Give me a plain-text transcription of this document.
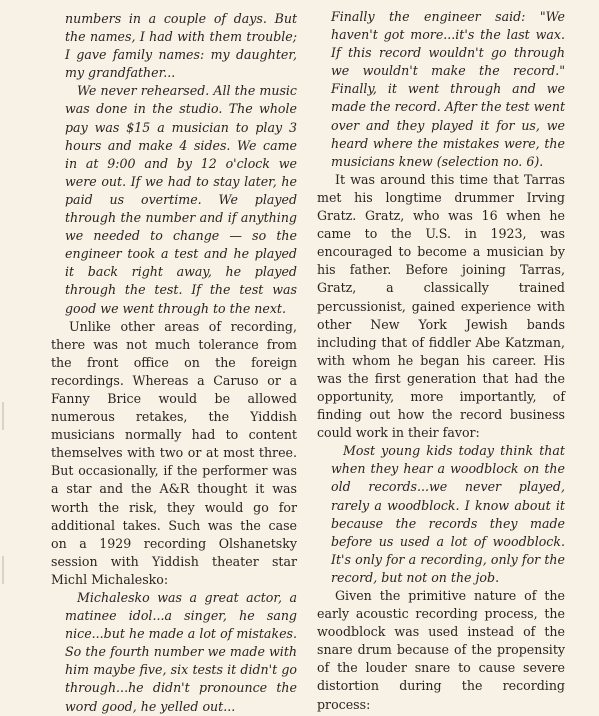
numbers in a couple of days. But the names, I had with them trouble; I gave family names: my daughter, my grandfather...

We never rehearsed. All the music was done in the studio. The whole pay was $15 a musician to play 3 hours and make 4 sides. We came in at 9:00 and by 12 o'clock we were out. If we had to stay later, he paid us overtime. We played through the number and if anything we needed to change — so the engineer took a test and he played it back right away, he played through the test. If the test was good we went through to the next.

Unlike other areas of recording, there was not much tolerance from the front office on the foreign recordings. Whereas a Caruso or a Fanny Brice would be allowed numerous retakes, the Yiddish musicians normally had to content themselves with two or at most three. But occasionally, if the performer was a star and the A&R thought it was worth the risk, they would go for additional takes. Such was the case on a 1929 recording Olshanetsky session with Yiddish theater star Michl Michalesko:

Michalesko was a great actor, a matinee idol...a singer, he sang nice...but he made a lot of mistakes. So the fourth number we made with him maybe five, six tests it didn't go through...he didn't pronounce the word good, he yelled out...

Finally the engineer said: "We haven't got more...it's the last wax. If this record wouldn't go through we wouldn't make the record." Finally, it went through and we made the record. After the test went over and they played it for us, we heard where the mistakes were, the musicians knew (selection no. 6).

It was around this time that Tarras met his longtime drummer Irving Gratz. Gratz, who was 16 when he came to the U.S. in 1923, was encouraged to become a musician by his father. Before joining Tarras, Gratz, a classically trained percussionist, gained experience with other New York Jewish bands including that of fiddler Abe Katzman, with whom he began his career. His was the first generation that had the opportunity, more importantly, of finding out how the record business could work in their favor:

Most young kids today think that when they hear a woodblock on the old records...we never played, rarely a woodblock. I know about it because the records they made before us used a lot of woodblock. It's only for a recording, only for the record, but not on the job.

Given the primitive nature of the early acoustic recording process, the woodblock was used instead of the snare drum because of the propensity of the louder snare to cause severe distortion during the recording process:
